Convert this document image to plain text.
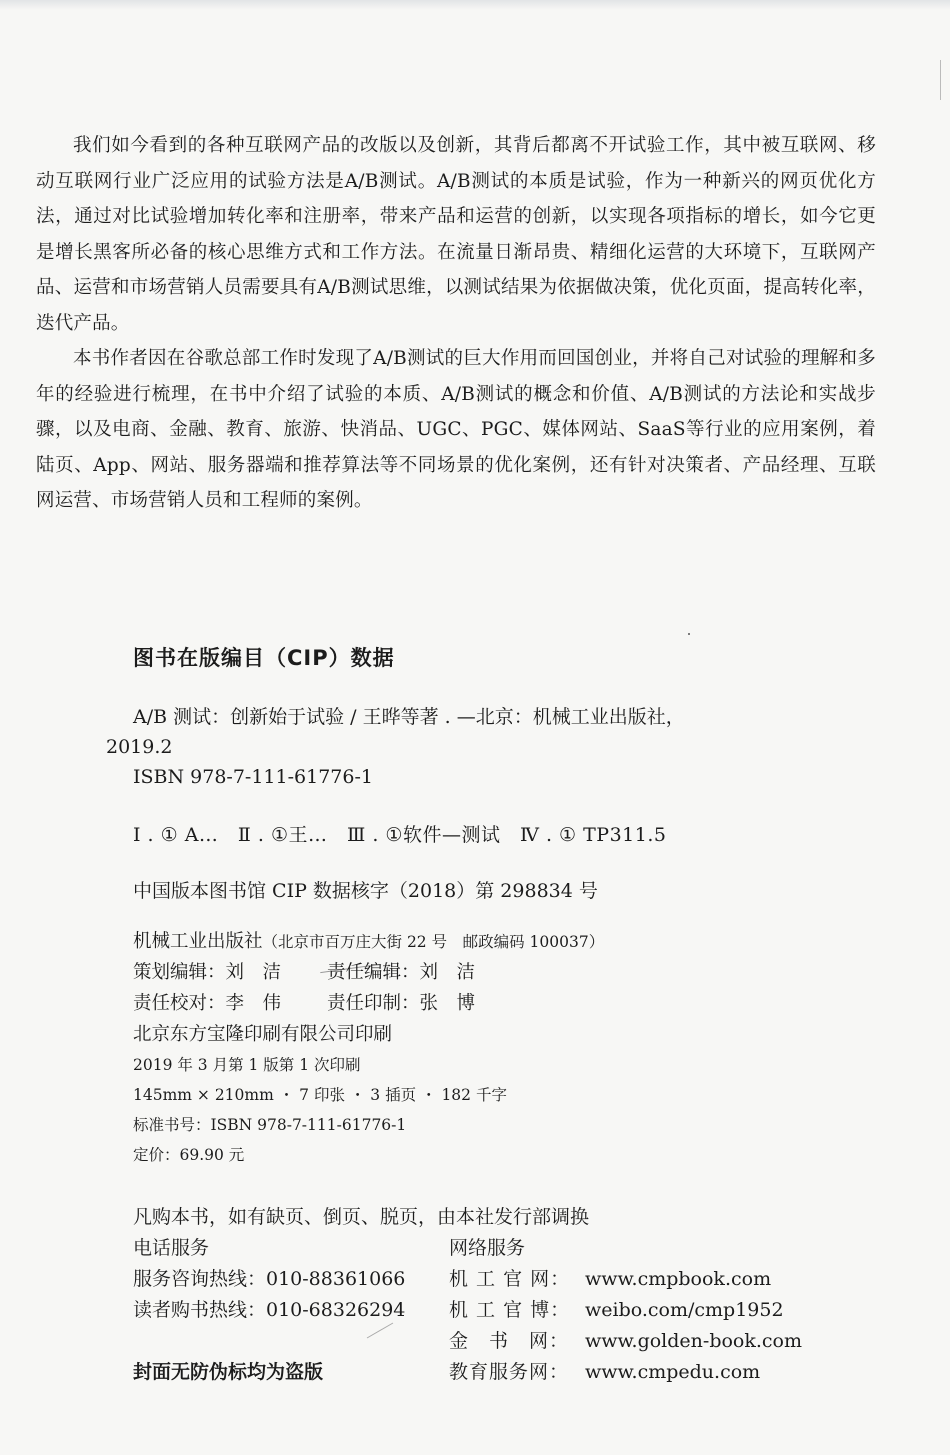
我们如今看到的各种互联网产品的改版以及创新，其背后都离不开试验工作，其中被互联网、移动互联网行业广泛应用的试验方法是A/B测试。A/B测试的本质是试验，作为一种新兴的网页优化方法，通过对比试验增加转化率和注册率，带来产品和运营的创新，以实现各项指标的增长，如今它更是增长黑客所必备的核心思维方式和工作方法。在流量日渐昂贵、精细化运营的大环境下，互联网产品、运营和市场营销人员需要具有A/B测试思维，以测试结果为依据做决策，优化页面，提高转化率，迭代产品。

本书作者因在谷歌总部工作时发现了A/B测试的巨大作用而回国创业，并将自己对试验的理解和多年的经验进行梳理，在书中介绍了试验的本质、A/B测试的概念和价值、A/B测试的方法论和实战步骤，以及电商、金融、教育、旅游、快消品、UGC、PGC、媒体网站、SaaS等行业的应用案例，着陆页、App、网站、服务器端和推荐算法等不同场景的优化案例，还有针对决策者、产品经理、互联网运营、市场营销人员和工程师的案例。

图书在版编目（CIP）数据
A/B 测试：创新始于试验 / 王晔等著 . —北京：机械工业出版社，
2019.2
ISBN 978-7-111-61776-1
Ⅰ . ① A…　Ⅱ . ①王…　Ⅲ . ①软件—测试　Ⅳ . ① TP311.5
中国版本图书馆 CIP 数据核字（2018）第 298834 号
机械工业出版社（北京市百万庄大街 22 号　邮政编码 100037）
策划编辑：刘　洁 责任编辑：刘　洁
责任校对：李　伟 责任印制：张　博
北京东方宝隆印刷有限公司印刷
2019 年 3 月第 1 版第 1 次印刷
145mm × 210mm ・ 7 印张 ・ 3 插页 ・ 182 千字
标准书号：ISBN 978-7-111-61776-1
定价：69.90 元
凡购本书，如有缺页、倒页、脱页，由本社发行部调换
电话服务	网络服务
服务咨询热线：010-88361066 机 工 官 网： www.cmpbook.com
读者购书热线：010-68326294 机 工 官 博： weibo.com/cmp1952
金　书　网： www.golden-book.com
封面无防伪标均为盗版	教育服务网： www.cmpedu.com
